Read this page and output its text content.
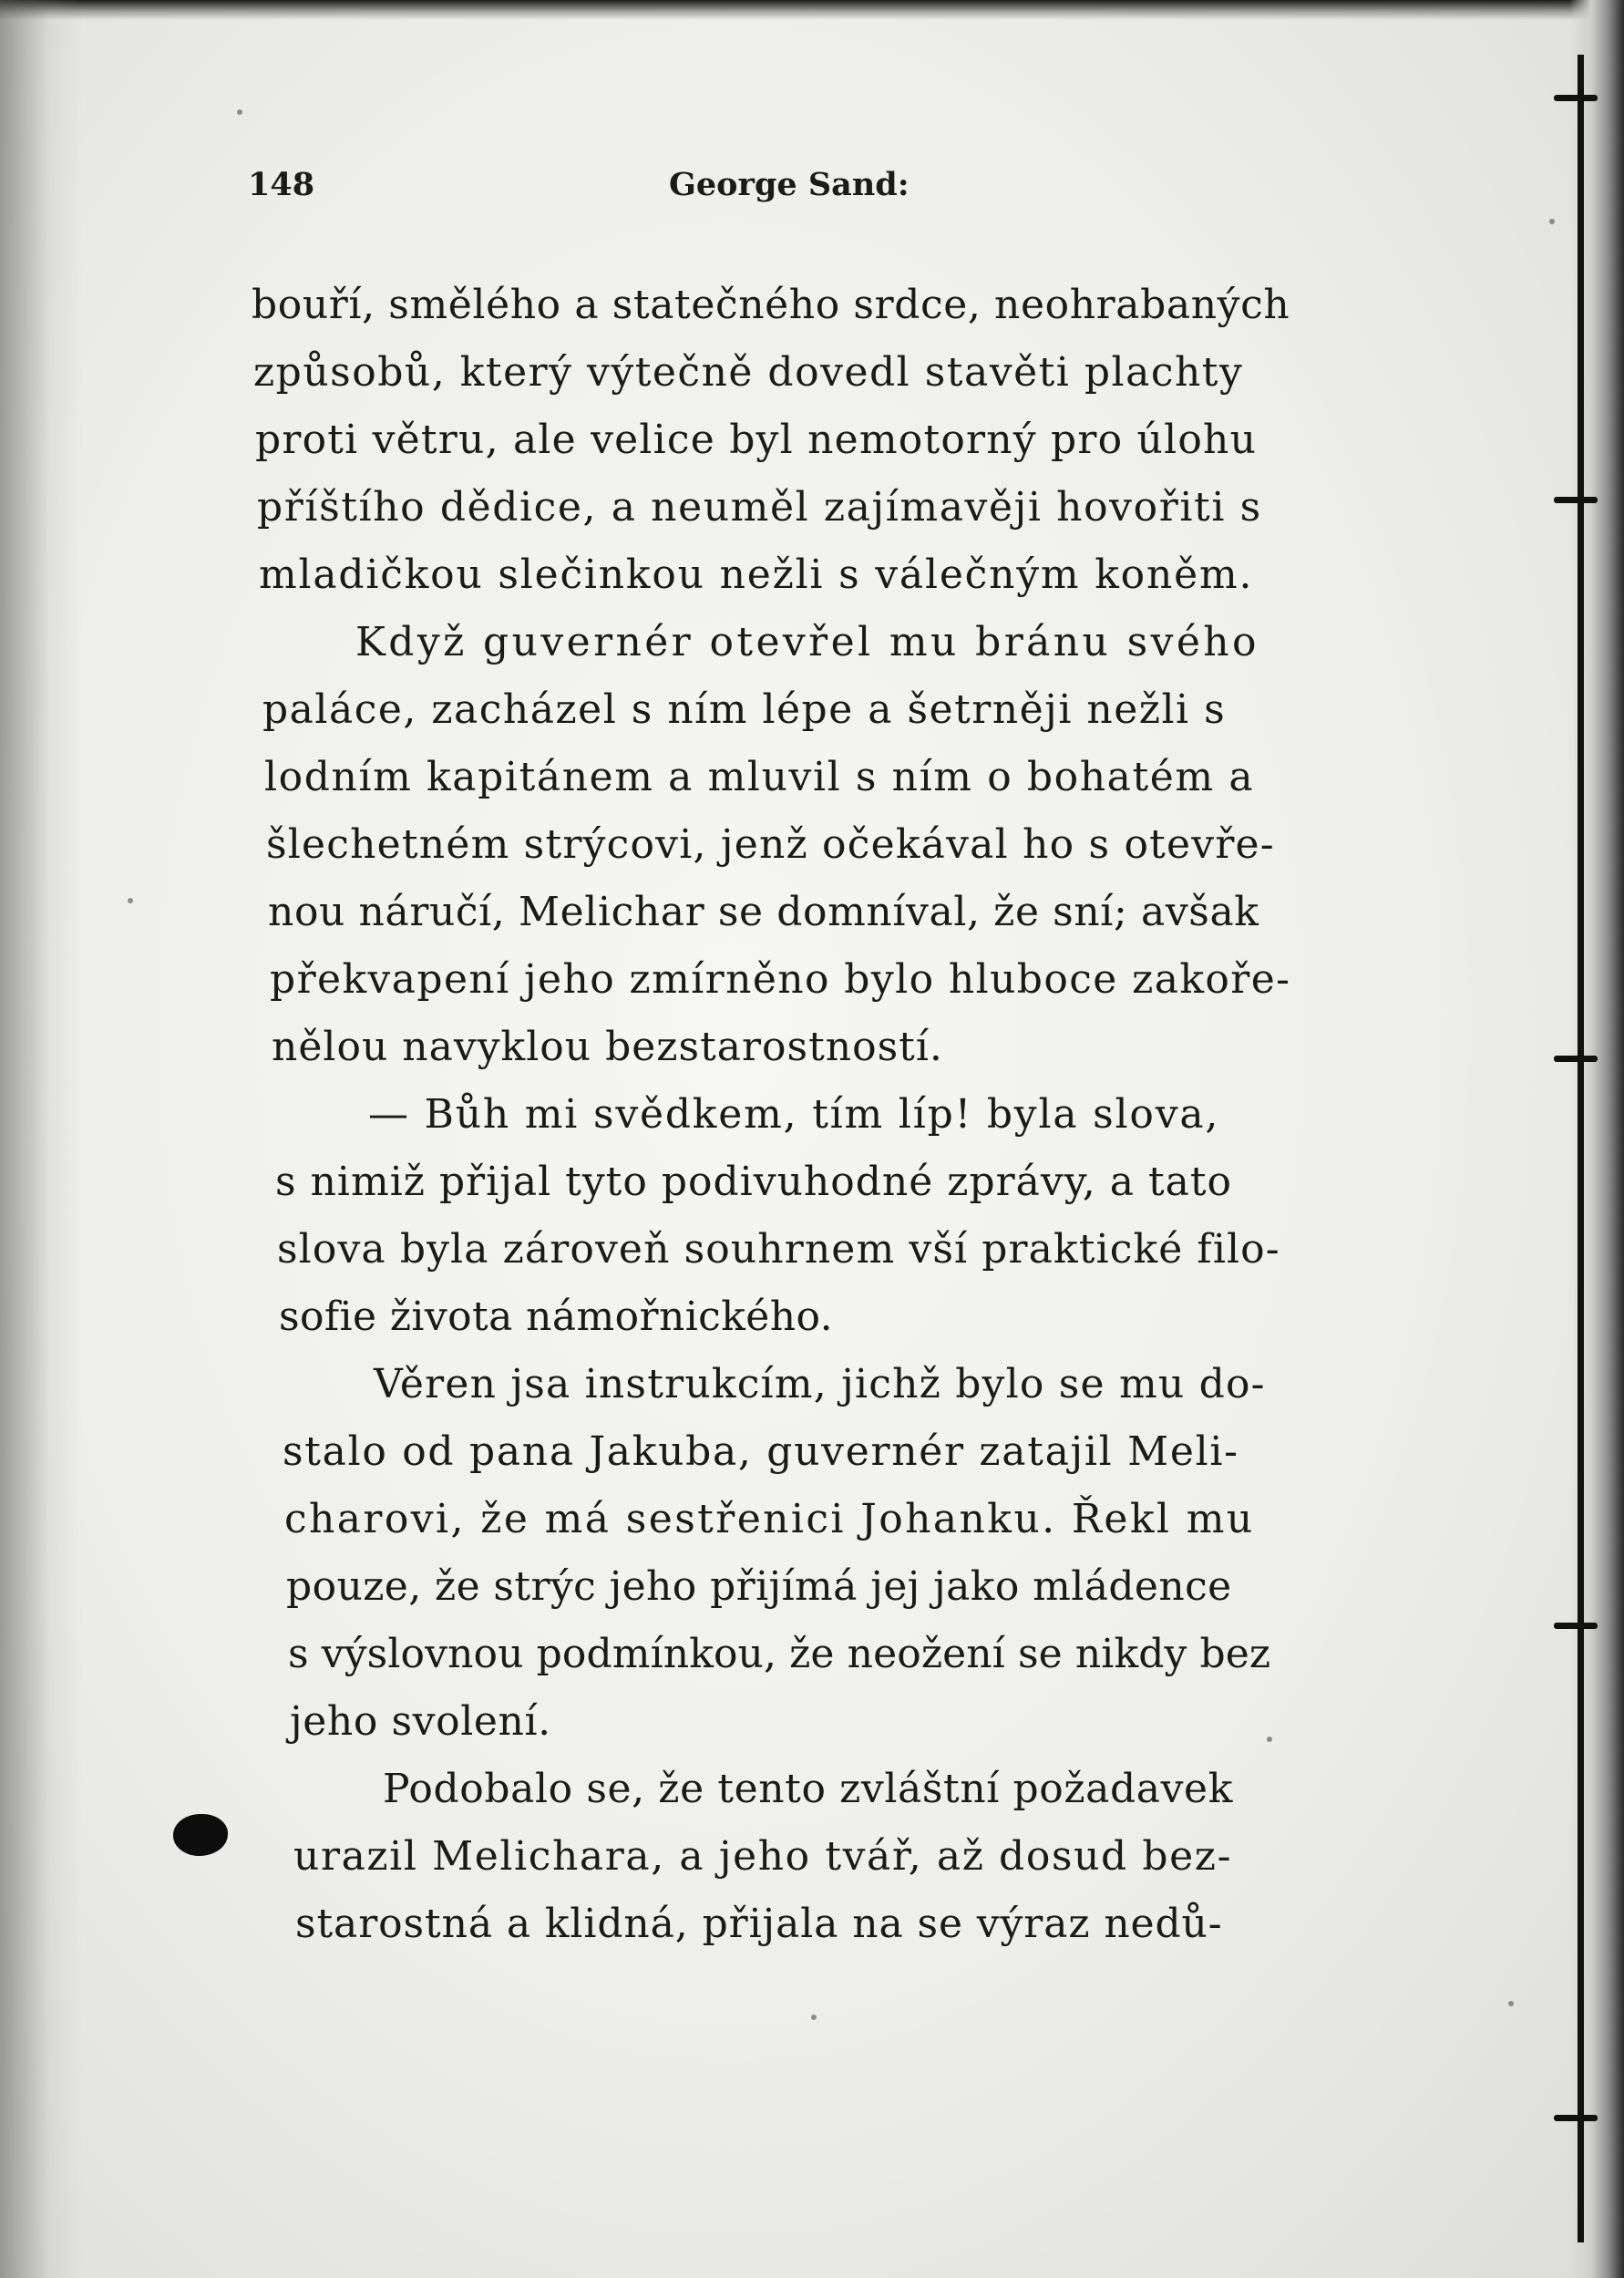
148	George Sand:
bouří, smělého a statečného srdce, neohrabaných
způsobů, který výtečně dovedl stavěti plachty
proti větru, ale velice byl nemotorný pro úlohu
příštího dědice, a neuměl zajímavěji hovořiti s
mladičkou slečinkou nežli s válečným koněm.
Když guvernér otevřel mu bránu svého
paláce, zacházel s ním lépe a šetrněji nežli s
lodním kapitánem a mluvil s ním o bohatém a
šlechetném strýcovi, jenž očekával ho s otevře-
nou náručí, Melichar se domníval, že sní; avšak
překvapení jeho zmírněno bylo hluboce zakoře-
nělou navyklou bezstarostností.
— Bůh mi svědkem, tím líp! byla slova,
s nimiž přijal tyto podivuhodné zprávy, a tato
slova byla zároveň souhrnem vší praktické filo-
sofie života námořnického.
Věren jsa instrukcím, jichž bylo se mu do-
stalo od pana Jakuba, guvernér zatajil Meli-
charovi, že má sestřenici Johanku. Řekl mu
pouze, že strýc jeho přijímá jej jako mládence
s výslovnou podmínkou, že neožení se nikdy bez
jeho svolení.
Podobalo se, že tento zvláštní požadavek
urazil Melichara, a jeho tvář, až dosud bez-
starostná a klidná, přijala na se výraz nedů-
